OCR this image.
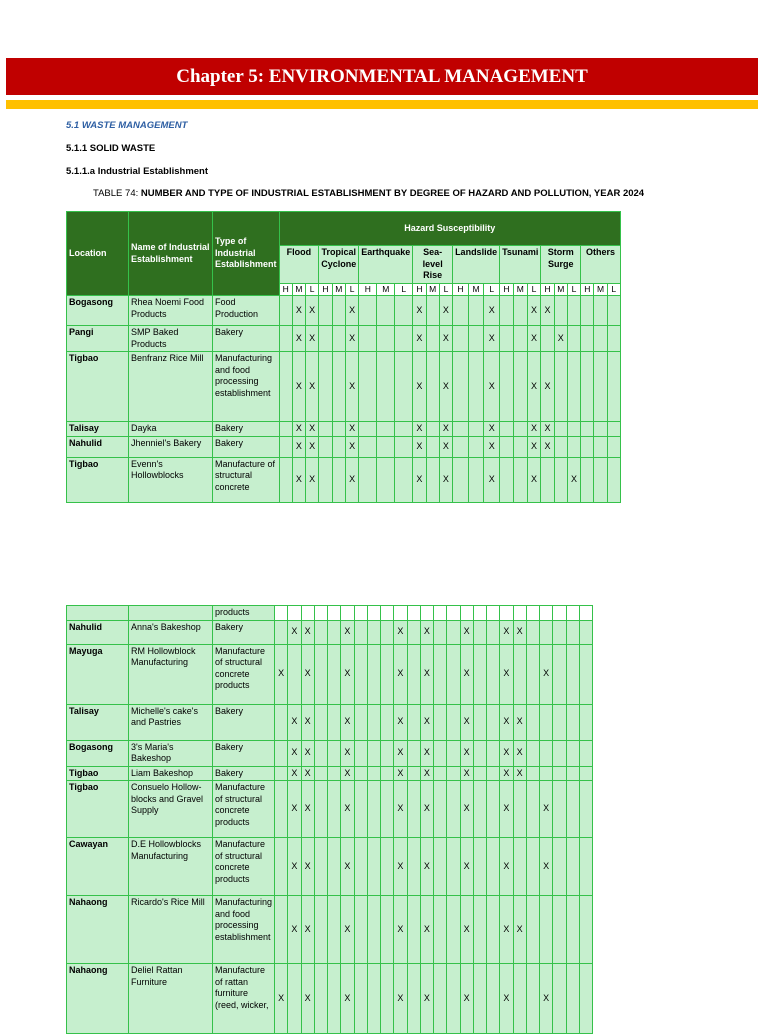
Chapter 5: ENVIRONMENTAL MANAGEMENT
5.1 WASTE MANAGEMENT
5.1.1 SOLID WASTE
5.1.1.a Industrial Establishment
TABLE 74: NUMBER AND TYPE OF INDUSTRIAL ESTABLISHMENT BY DEGREE OF HAZARD AND POLLUTION, YEAR 2024
Location	Name of Industrial Establishment	Type of Industrial Establishment	Hazard Susceptibility																							
			Flood			Tropical Cyclone			Earthquake			Sea-level Rise			Landslide			Tsunami			Storm Surge			Others		
			H	M	L	H	M	L	H	M	L	H	M	L	H	M	L	H	M	L	H	M	L	H	M	L
Bogasong	Rhea Noemi Food Products	Food Production		X	X			X				X		X			X			X	X					
Pangi	SMP Baked Products	Bakery		X	X			X				X		X			X			X		X				
Tigbao	Benfranz Rice Mill	Manufacturing and food processing establishment		X	X			X				X		X			X			X	X					
Talisay	Dayka	Bakery		X	X			X				X		X			X			X	X					
Nahulid	Jhenniel's Bakery	Bakery		X	X			X				X		X			X			X	X					
Tigbao	Evenn's Hollowblocks	Manufacture of structural concrete		X	X			X				X		X			X			X			X			
		products																								
Nahulid	Anna's Bakeshop	Bakery		X	X			X				X		X			X			X	X					
Mayuga	RM Hollowblock Manufacturing	Manufacture of structural concrete products	X		X			X				X		X			X			X			X			
Talisay	Michelle's cake's and Pastries	Bakery		X	X			X				X		X			X			X	X					
Bogasong	3's Maria's Bakeshop	Bakery		X	X			X				X		X			X			X	X					
Tigbao	Liam Bakeshop	Bakery		X	X			X				X		X			X			X	X					
Tigbao	Consuelo Hollow-blocks and Gravel Supply	Manufacture of structural concrete products		X	X			X				X		X			X			X			X			
Cawayan	D.E Hollowblocks Manufacturing	Manufacture of structural concrete products		X	X			X				X		X			X			X			X			
Nahaong	Ricardo's Rice Mill	Manufacturing and food processing establishment		X	X			X				X		X			X			X	X					
Nahaong	Deliel Rattan Furniture	Manufacture of rattan furniture (reed, wicker,	X		X			X				X		X			X			X			X			
